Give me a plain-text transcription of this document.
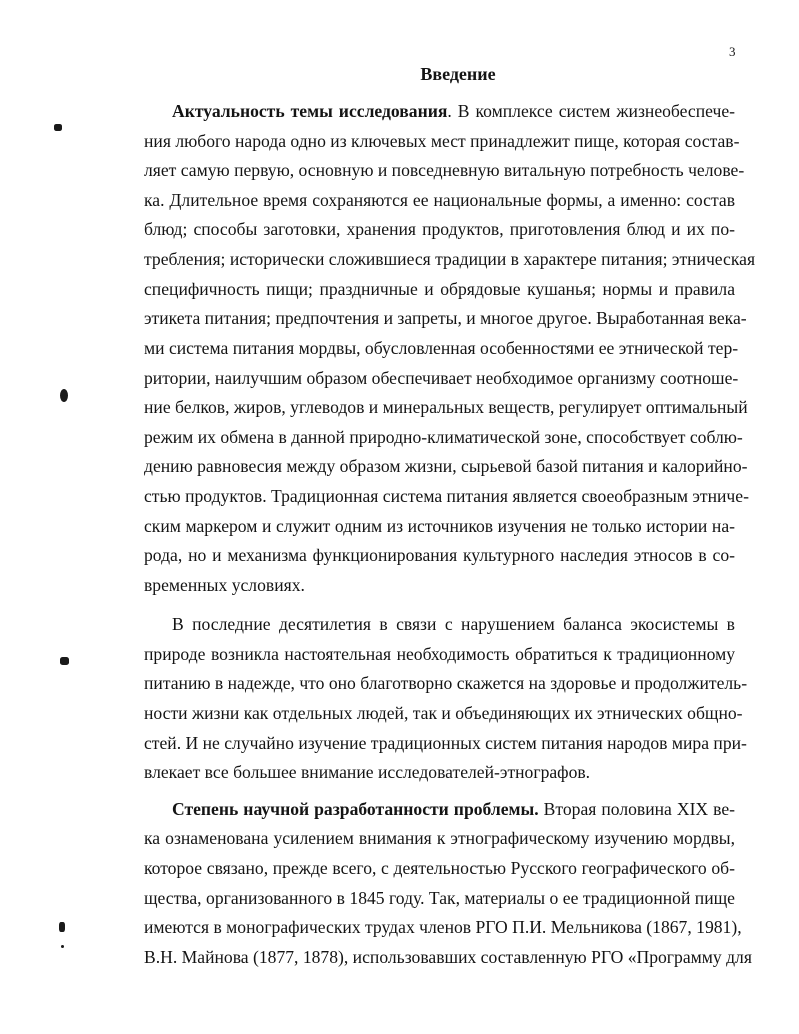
3
Введение
Актуальность темы исследования. В комплексе систем жизнеобеспече-
ния любого народа одно из ключевых мест принадлежит пище, которая состав-
ляет самую первую, основную и повседневную витальную потребность челове-
ка. Длительное время сохраняются ее национальные формы, а именно: состав
блюд; способы заготовки, хранения продуктов, приготовления блюд и их по-
требления; исторически сложившиеся традиции в характере питания; этническая
специфичность пищи; праздничные и обрядовые кушанья; нормы и правила
этикета питания; предпочтения и запреты, и многое другое. Выработанная века-
ми система питания мордвы, обусловленная особенностями ее этнической тер-
ритории, наилучшим образом обеспечивает необходимое организму соотноше-
ние белков, жиров, углеводов и минеральных веществ, регулирует оптимальный
режим их обмена в данной природно-климатической зоне, способствует соблю-
дению равновесия между образом жизни, сырьевой базой питания и калорийно-
стью продуктов. Традиционная система питания является своеобразным этниче-
ским маркером и служит одним из источников изучения не только истории на-
рода, но и механизма функционирования культурного наследия этносов в со-
временных условиях.
В последние десятилетия в связи с нарушением баланса экосистемы в
природе возникла настоятельная необходимость обратиться к традиционному
питанию в надежде, что оно благотворно скажется на здоровье и продолжитель-
ности жизни как отдельных людей, так и объединяющих их этнических общно-
стей. И не случайно изучение традиционных систем питания народов мира при-
влекает все большее внимание исследователей-этнографов.
Степень научной разработанности проблемы. Вторая половина XIX ве-
ка ознаменована усилением внимания к этнографическому изучению мордвы,
которое связано, прежде всего, с деятельностью Русского географического об-
щества, организованного в 1845 году. Так, материалы о ее традиционной пище
имеются в монографических трудах членов РГО П.И. Мельникова (1867, 1981),
В.Н. Майнова (1877, 1878), использовавших составленную РГО «Программу для
